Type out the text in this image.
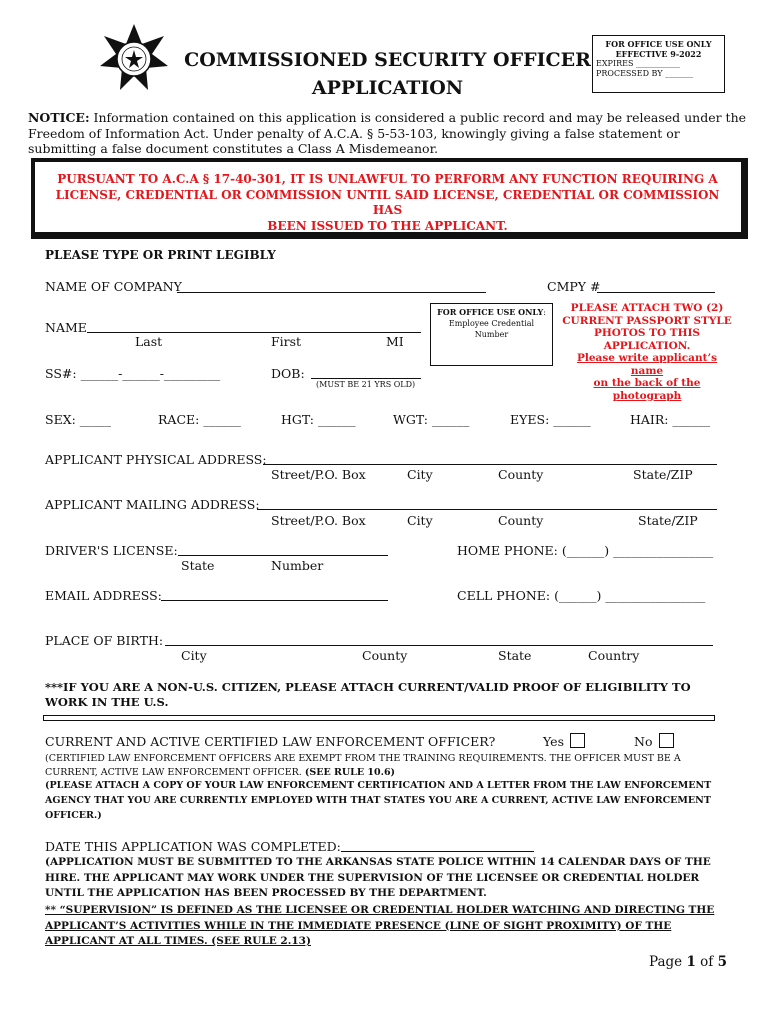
COMMISSIONED SECURITY OFFICER
APPLICATION
FOR OFFICE USE ONLY
EFFECTIVE 9-2022
EXPIRES ___________
PROCESSED BY _______
NOTICE: Information contained on this application is considered a public record and may be released under the
Freedom of Information Act. Under penalty of A.C.A. § 5-53-103, knowingly giving a false statement or
submitting a false document constitutes a Class A Misdemeanor.
PURSUANT TO A.C.A § 17-40-301, IT IS UNLAWFUL TO PERFORM ANY FUNCTION REQUIRING A
LICENSE, CREDENTIAL OR COMMISSION UNTIL SAID LICENSE, CREDENTIAL OR COMMISSION HAS
BEEN ISSUED TO THE APPLICANT.
PLEASE TYPE OR PRINT LEGIBLY
NAME OF COMPANY	CMPY #
FOR OFFICE USE ONLY:
Employee Credential Number
PLEASE ATTACH TWO (2)
CURRENT PASSPORT STYLE
PHOTOS TO THIS
APPLICATION.
Please write applicant’s name
on the back of the photograph
NAME
Last	First	MI
SS#: ______-______-_________	DOB:
(MUST BE 21 YRS OLD)
SEX: _____	RACE: ______	HGT: ______	WGT: ______	EYES: ______	HAIR: ______
APPLICANT PHYSICAL ADDRESS:
Street/P.O. Box	City	County	State/ZIP
APPLICANT MAILING ADDRESS:
Street/P.O. Box	City	County	State/ZIP
DRIVER'S LICENSE:
State	Number
HOME PHONE: (______) ________________
EMAIL ADDRESS:	CELL PHONE: (______) ________________
PLACE OF BIRTH:
City	County	State	Country
***IF YOU ARE A NON-U.S. CITIZEN, PLEASE ATTACH CURRENT/VALID PROOF OF ELIGIBILITY TO
WORK IN THE U.S.
CURRENT AND ACTIVE CERTIFIED LAW ENFORCEMENT OFFICER?	Yes	No
(CERTIFIED LAW ENFORCEMENT OFFICERS ARE EXEMPT FROM THE TRAINING REQUIREMENTS. THE OFFICER MUST BE A
CURRENT, ACTIVE LAW ENFORCEMENT OFFICER. (SEE RULE 10.6)
(PLEASE ATTACH A COPY OF YOUR LAW ENFORCEMENT CERTIFICATION AND A LETTER FROM THE LAW ENFORCEMENT
AGENCY THAT YOU ARE CURRENTLY EMPLOYED WITH THAT STATES YOU ARE A CURRENT, ACTIVE LAW ENFORCEMENT
OFFICER.)
DATE THIS APPLICATION WAS COMPLETED:
(APPLICATION MUST BE SUBMITTED TO THE ARKANSAS STATE POLICE WITHIN 14 CALENDAR DAYS OF THE
HIRE. THE APPLICANT MAY WORK UNDER THE SUPERVISION OF THE LICENSEE OR CREDENTIAL HOLDER
UNTIL THE APPLICATION HAS BEEN PROCESSED BY THE DEPARTMENT.
** “SUPERVISION” IS DEFINED AS THE LICENSEE OR CREDENTIAL HOLDER WATCHING AND DIRECTING THE
APPLICANT’S ACTIVITIES WHILE IN THE IMMEDIATE PRESENCE (LINE OF SIGHT PROXIMITY) OF THE
APPLICANT AT ALL TIMES. (SEE RULE 2.13)
Page 1 of 5
